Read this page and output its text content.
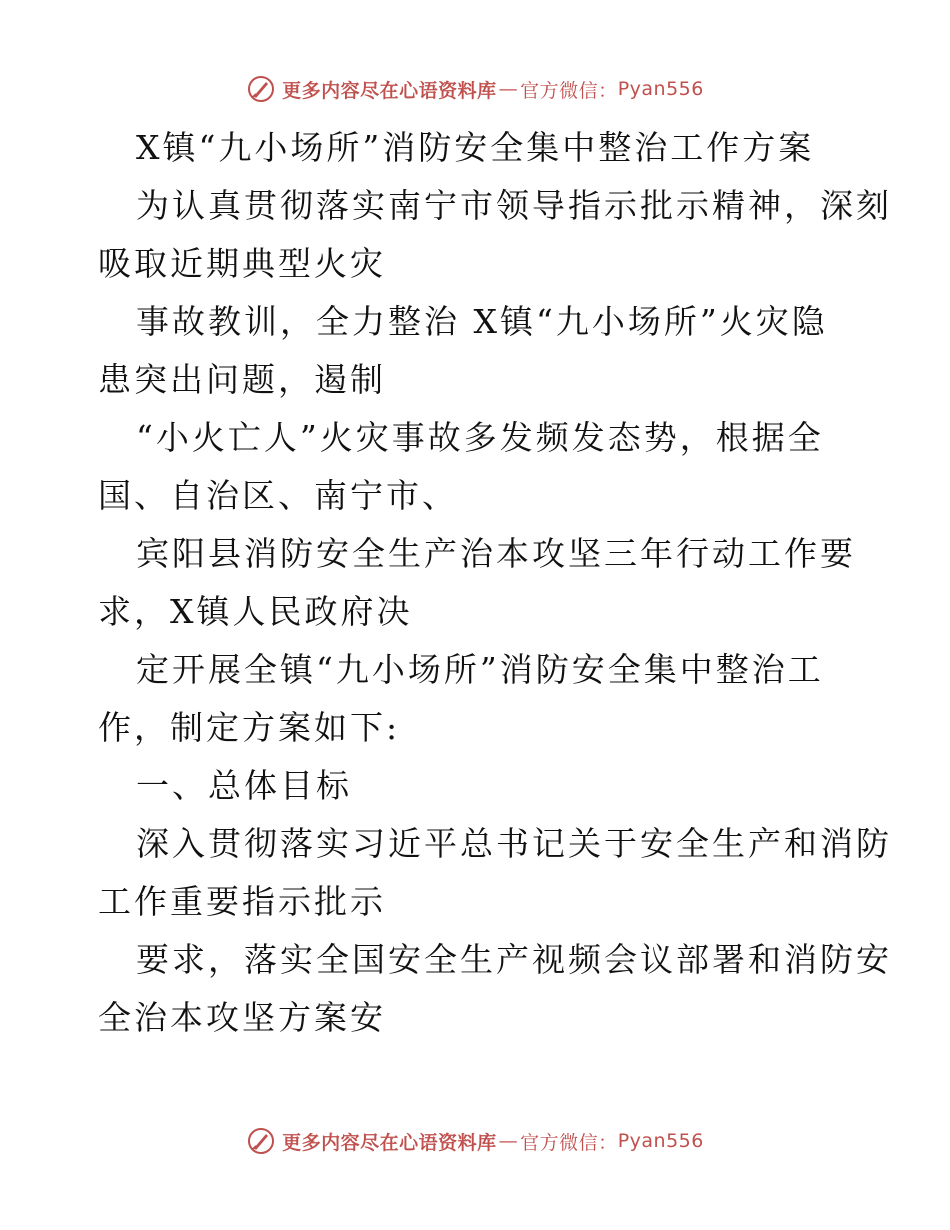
更多内容尽在心语资料库 — 官方微信： Pyan556
X镇“九小场所”消防安全集中整治工作方案
为认真贯彻落实南宁市领导指示批示精神，深刻
吸取近期典型火灾
事故教训，全力整治 X镇“九小场所”火灾隐
患突出问题，遏制
“小火亡人”火灾事故多发频发态势，根据全
国、自治区、南宁市、
宾阳县消防安全生产治本攻坚三年行动工作要
求，X镇人民政府决
定开展全镇“九小场所”消防安全集中整治工
作，制定方案如下:
一、总体目标
深入贯彻落实习近平总书记关于安全生产和消防
工作重要指示批示
要求，落实全国安全生产视频会议部署和消防安
全治本攻坚方案安
更多内容尽在心语资料库 — 官方微信： Pyan556
